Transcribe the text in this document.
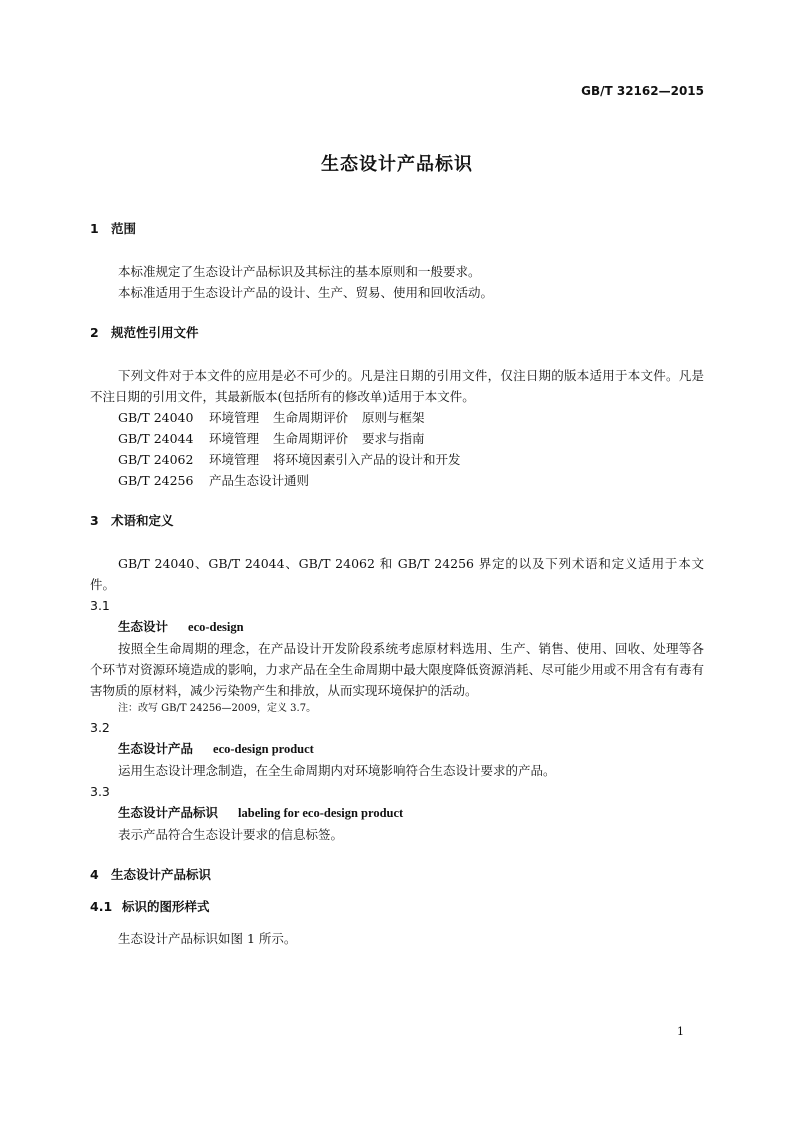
GB/T 32162—2015
生态设计产品标识
1 范围

本标准规定了生态设计产品标识及其标注的基本原则和一般要求。

本标准适用于生态设计产品的设计、生产、贸易、使用和回收活动。

2 规范性引用文件

下列文件对于本文件的应用是必不可少的。凡是注日期的引用文件，仅注日期的版本适用于本文件。凡是不注日期的引用文件，其最新版本(包括所有的修改单)适用于本文件。

GB/T 24040 环境管理 生命周期评价 原则与框架

GB/T 24044 环境管理 生命周期评价 要求与指南

GB/T 24062 环境管理 将环境因素引入产品的设计和开发

GB/T 24256 产品生态设计通则

3 术语和定义

GB/T 24040、GB/T 24044、GB/T 24062 和 GB/T 24256 界定的以及下列术语和定义适用于本文件。

3.1

生态设计 eco-design

按照全生命周期的理念，在产品设计开发阶段系统考虑原材料选用、生产、销售、使用、回收、处理等各个环节对资源环境造成的影响，力求产品在全生命周期中最大限度降低资源消耗、尽可能少用或不用含有有毒有害物质的原材料，减少污染物产生和排放，从而实现环境保护的活动。

注：改写 GB/T 24256—2009，定义 3.7。

3.2

生态设计产品 eco-design product

运用生态设计理念制造，在全生命周期内对环境影响符合生态设计要求的产品。

3.3

生态设计产品标识 labeling for eco-design product

表示产品符合生态设计要求的信息标签。

4 生态设计产品标识
4.1 标识的图形样式

生态设计产品标识如图 1 所示。

1
